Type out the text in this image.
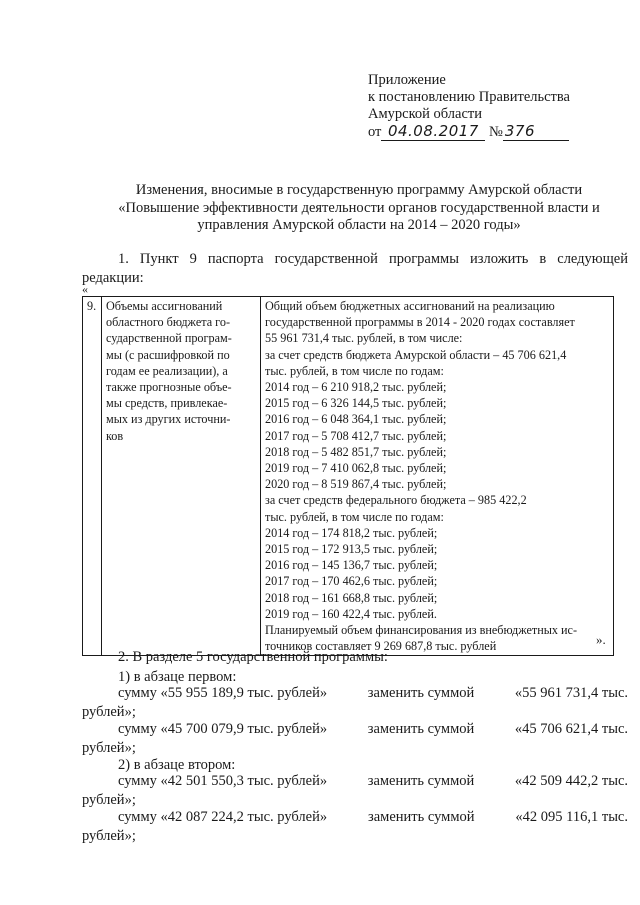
Приложение
к постановлению Правительства
Амурской области
от 04.08.2017 № 376
Изменения, вносимые в государственную программу Амурской области
«Повышение эффективности деятельности органов государственной власти и
управления Амурской области на 2014 – 2020 годы»
1. Пункт 9 паспорта государственной программы изложить в следующей редакции:
«
9.	Объемы ассигнований
областного бюджета го-
сударственной програм-
мы (с расшифровкой по
годам ее реализации), а
также прогнозные объе-
мы средств, привлекае-
мых из других источни-
ков

Общий объем бюджетных ассигнований на реализацию
государственной программы в 2014 - 2020 годах составляет
55 961 731,4 тыс. рублей, в том числе:
за счет средств бюджета Амурской области – 45 706 621,4
тыс. рублей, в том числе по годам:
2014 год – 6 210 918,2 тыс. рублей;
2015 год – 6 326 144,5 тыс. рублей;
2016 год – 6 048 364,1 тыс. рублей;
2017 год – 5 708 412,7 тыс. рублей;
2018 год – 5 482 851,7 тыс. рублей;
2019 год – 7 410 062,8 тыс. рублей;
2020 год – 8 519 867,4 тыс. рублей;
за счет средств федерального бюджета – 985 422,2
тыс. рублей, в том числе по годам:
2014 год – 174 818,2 тыс. рублей;
2015 год – 172 913,5 тыс. рублей;
2016 год – 145 136,7 тыс. рублей;
2017 год – 170 462,6 тыс. рублей;
2018 год – 161 668,8 тыс. рублей;
2019 год – 160 422,4 тыс. рублей.
Планируемый объем финансирования из внебюджетных ис-
точников составляет 9 269 687,8 тыс. рублей	».
2. В разделе 5 государственной программы:
1) в абзаце первом:
сумму «55 955 189,9 тыс. рублей»	заменить суммой	«55 961 731,4 тыс.
рублей»;
сумму «45 700 079,9 тыс. рублей»	заменить суммой	«45 706 621,4 тыс.
рублей»;
2) в абзаце втором:
сумму «42 501 550,3 тыс. рублей»	заменить суммой	«42 509 442,2 тыс.
рублей»;
сумму «42 087 224,2 тыс. рублей»	заменить суммой	«42 095 116,1 тыс.
рублей»;
